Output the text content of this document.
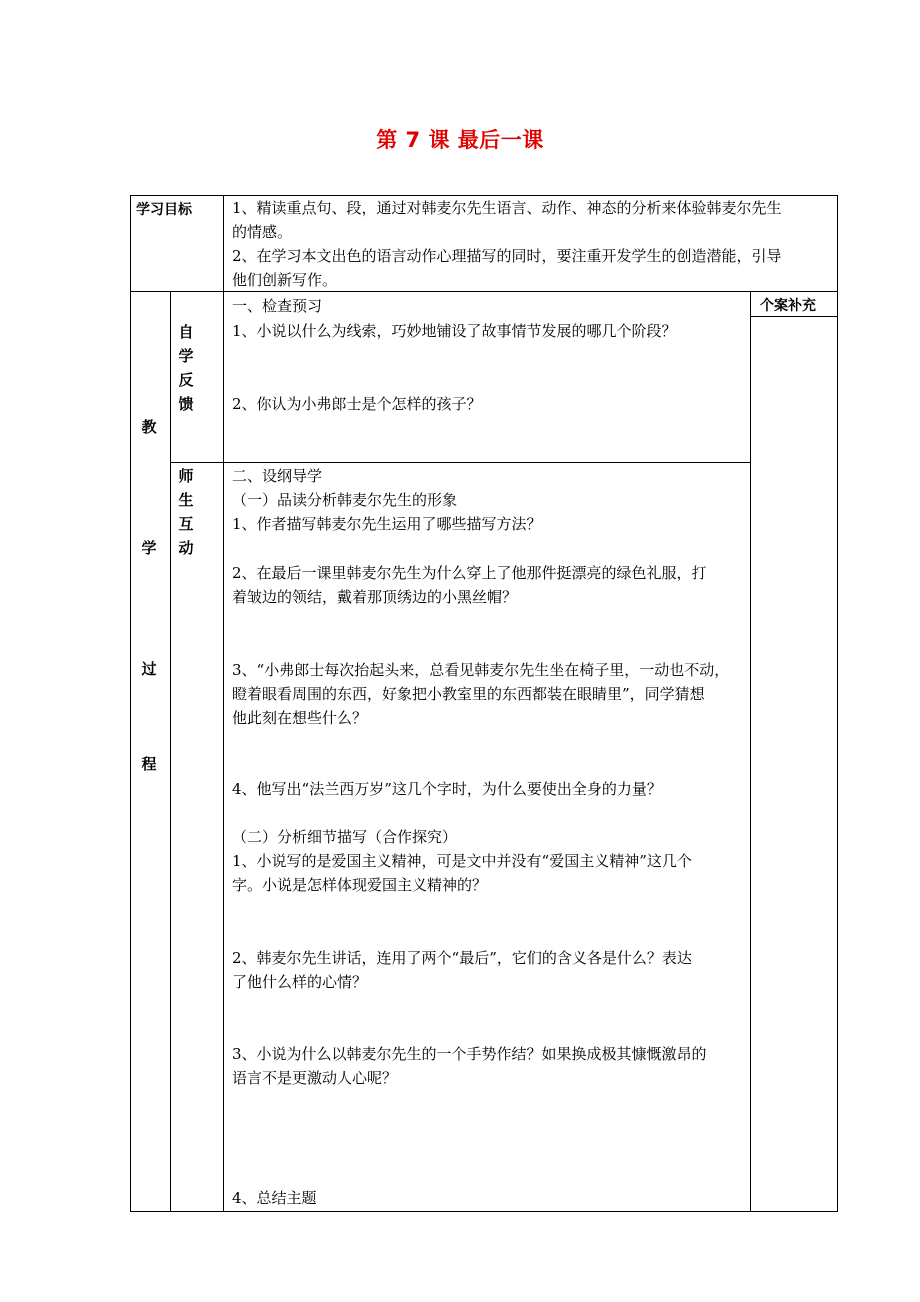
第 7 课 最后一课
学习目标	1、精读重点句、段，通过对韩麦尔先生语言、动作、神态的分析来体验韩麦尔先生
的情感。
2、在学习本文出色的语言动作心理描写的同时，要注重开发学生的创造潜能，引导
他们创新写作。
教
学
过
程
个案补充
自
学
反
馈
一、检查预习
1、小说以什么为线索，巧妙地铺设了故事情节发展的哪几个阶段？
2、你认为小弗郎士是个怎样的孩子？
师
生
互
动
二、设纲导学
（一）品读分析韩麦尔先生的形象
1、作者描写韩麦尔先生运用了哪些描写方法？
2、在最后一课里韩麦尔先生为什么穿上了他那件挺漂亮的绿色礼服，打
着皱边的领结，戴着那顶绣边的小黑丝帽？
3、“小弗郎士每次抬起头来，总看见韩麦尔先生坐在椅子里，一动也不动，
瞪着眼看周围的东西，好象把小教室里的东西都装在眼睛里”，同学猜想
他此刻在想些什么？
4、他写出“法兰西万岁”这几个字时，为什么要使出全身的力量？
（二）分析细节描写（合作探究）
1、小说写的是爱国主义精神，可是文中并没有“爱国主义精神”这几个
字。小说是怎样体现爱国主义精神的？
2、韩麦尔先生讲话，连用了两个“最后”，它们的含义各是什么？表达
了他什么样的心情？
3、小说为什么以韩麦尔先生的一个手势作结？如果换成极其慷慨激昂的
语言不是更激动人心呢？
4、总结主题
